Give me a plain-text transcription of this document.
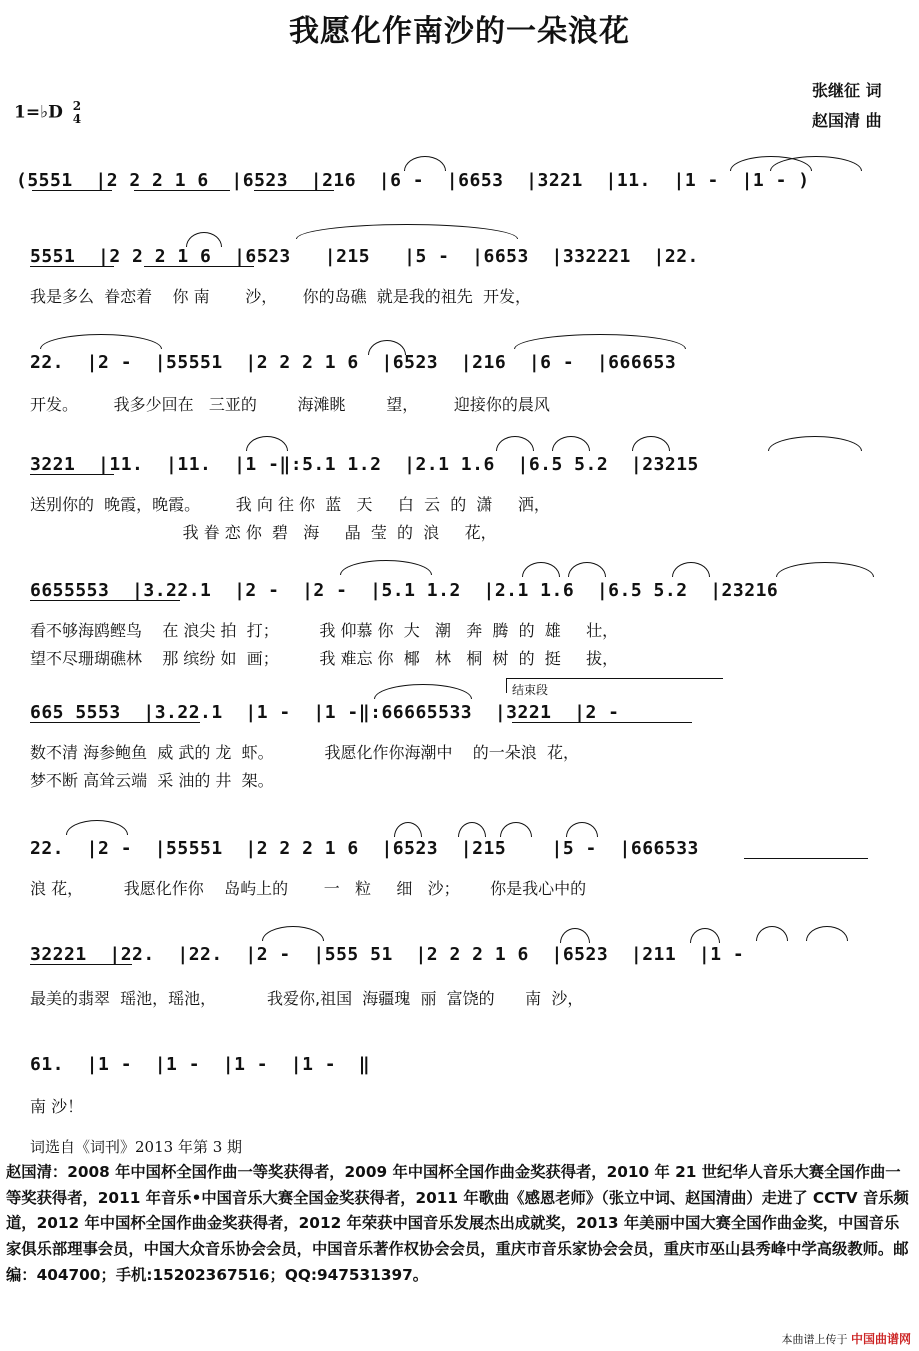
我愿化作南沙的一朵浪花
张继征 词
赵国清 曲
1=♭D 2
4
(5551  |2 2 2 1 6  |6523  |216  |6 -  |6653  |3221  |11.  |1 -  |1 - )
5551  |2 2 2 1 6  |6523   |215   |5 -  |6653  |332221  |22.
我是多么  眷恋着    你 南       沙，     你的岛礁  就是我的祖先  开发，
22.  |2 -  |55551  |2 2 2 1 6  |6523  |216  |6 -  |666653
开发。       我多少回在   三亚的        海滩眺        望，       迎接你的晨风
3221  |11.  |11.  |1 -‖:5.1 1.2  |2.1 1.6  |6.5 5.2  |23215
送别你的  晚霞，晚霞。       我 向 往 你  蓝   天     白  云  的  潇     洒，
我 眷 恋 你  碧   海     晶  莹  的  浪     花，
6655553  |3.22.1  |2 -  |2 -  |5.1 1.2  |2.1 1.6  |6.5 5.2  |23216
看不够海鸥鲣鸟    在 浪尖 拍  打；        我 仰慕 你  大   潮   奔  腾  的  雄     壮，
望不尽珊瑚礁林    那 缤纷 如  画；        我 难忘 你  椰   林   桐  树  的  挺     拔，
665 5553  |3.22.1  |1 -  |1 -‖:66665533  |3221  |2 -
数不清 海参鲍鱼  威 武的 龙  虾。          我愿化作你海潮中    的一朵浪  花，
梦不断 高耸云端  采 油的 井  架。
结束段
22.  |2 -  |55551  |2 2 2 1 6  |6523  |215    |5 -  |666533
浪 花，        我愿化作你    岛屿上的       一   粒     细   沙；      你是我心中的
32221  |22.  |22.  |2 -  |555 51  |2 2 2 1 6  |6523  |211  |1 -
最美的翡翠  瑶池，瑶池，          我爱你,祖国  海疆瑰  丽  富饶的      南  沙，
61.  |1 -  |1 -  |1 -  |1 -  ‖
南 沙！
词选自《词刊》2013 年第 3 期
赵国清：2008 年中国杯全国作曲一等奖获得者，2009 年中国杯全国作曲金奖获得者，2010 年 21 世纪华人音乐大赛全国作曲一等奖获得者，2011 年音乐•中国音乐大赛全国金奖获得者，2011 年歌曲《感恩老师》（张立中词、赵国清曲）走进了 CCTV 音乐频道，2012 年中国杯全国作曲金奖获得者，2012 年荣获中国音乐发展杰出成就奖，2013 年美丽中国大赛全国作曲金奖，中国音乐家俱乐部理事会员，中国大众音乐协会会员，中国音乐著作权协会会员，重庆市音乐家协会会员，重庆市巫山县秀峰中学高级教师。邮编：404700；手机:15202367516；QQ:947531397。
本曲谱上传于 中国曲谱网
